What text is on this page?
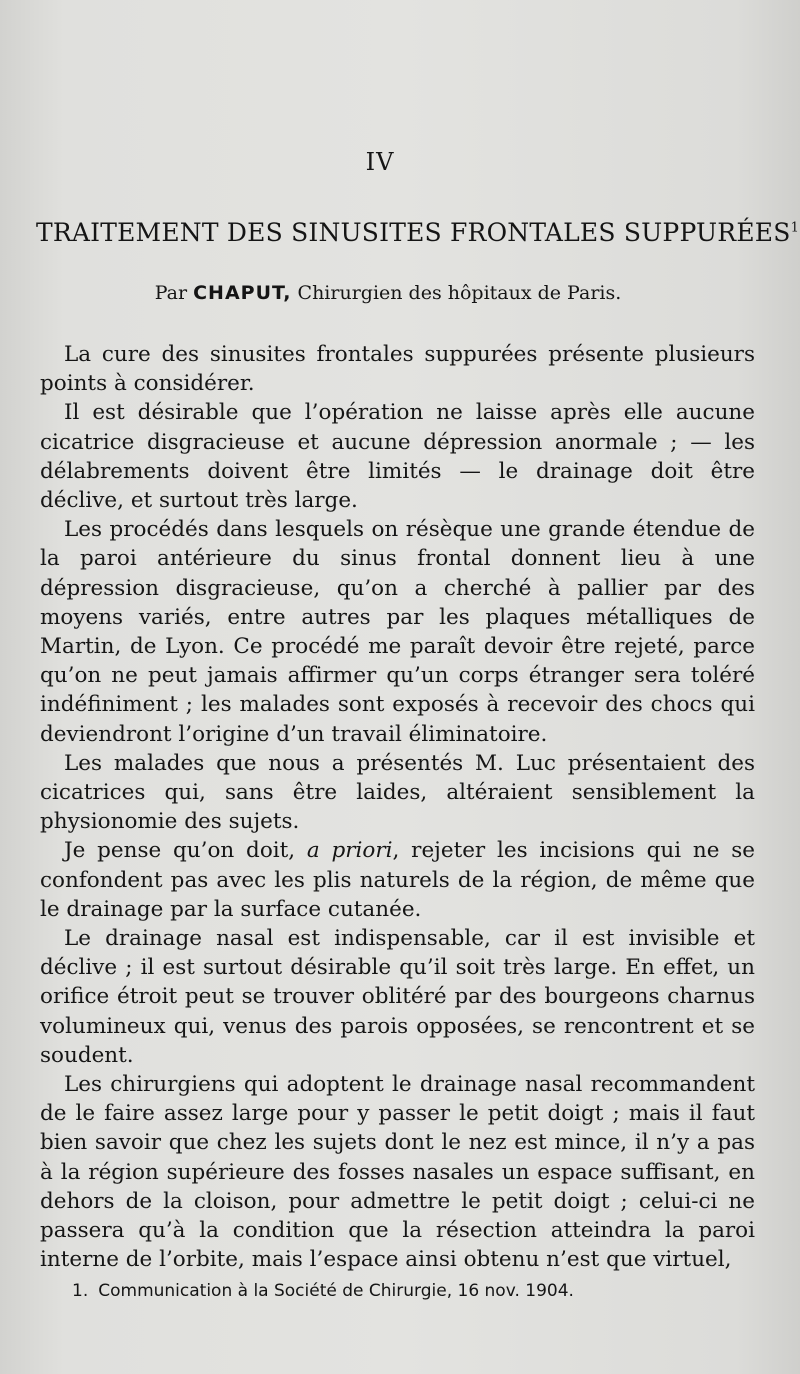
IV
TRAITEMENT DES SINUSITES FRONTALES SUPPURÉES$^1$
Par CHAPUT, Chirurgien des hôpitaux de Paris.

La cure des sinusites frontales suppurées présente plusieurs points à considérer.

Il est désirable que l’opération ne laisse après elle aucune cicatrice disgracieuse et aucune dépression anormale ; — les délabrements doivent être limités — le drainage doit être déclive, et surtout très large.

Les procédés dans lesquels on résèque une grande étendue de la paroi antérieure du sinus frontal donnent lieu à une dépression disgracieuse, qu’on a cherché à pallier par des moyens variés, entre autres par les plaques métalliques de Martin, de Lyon. Ce procédé me paraît devoir être rejeté, parce qu’on ne peut jamais affirmer qu’un corps étranger sera toléré indéfiniment ; les malades sont exposés à recevoir des chocs qui deviendront l’origine d’un travail éliminatoire.

Les malades que nous a présentés M. Luc présentaient des cicatrices qui, sans être laides, altéraient sensiblement la physionomie des sujets.

Je pense qu’on doit, a priori, rejeter les incisions qui ne se confondent pas avec les plis naturels de la région, de même que le drainage par la surface cutanée.

Le drainage nasal est indispensable, car il est invisible et déclive ; il est surtout désirable qu’il soit très large. En effet, un orifice étroit peut se trouver oblitéré par des bourgeons charnus volumineux qui, venus des parois opposées, se rencontrent et se soudent.

Les chirurgiens qui adoptent le drainage nasal recommandent de le faire assez large pour y passer le petit doigt ; mais il faut bien savoir que chez les sujets dont le nez est mince, il n’y a pas à la région supérieure des fosses nasales un espace suffisant, en dehors de la cloison, pour admettre le petit doigt ; celui-ci ne passera qu’à la condition que la résection atteindra la paroi interne de l’orbite, mais l’espace ainsi obtenu n’est que virtuel,

1. Communication à la Société de Chirurgie, 16 nov. 1904.
